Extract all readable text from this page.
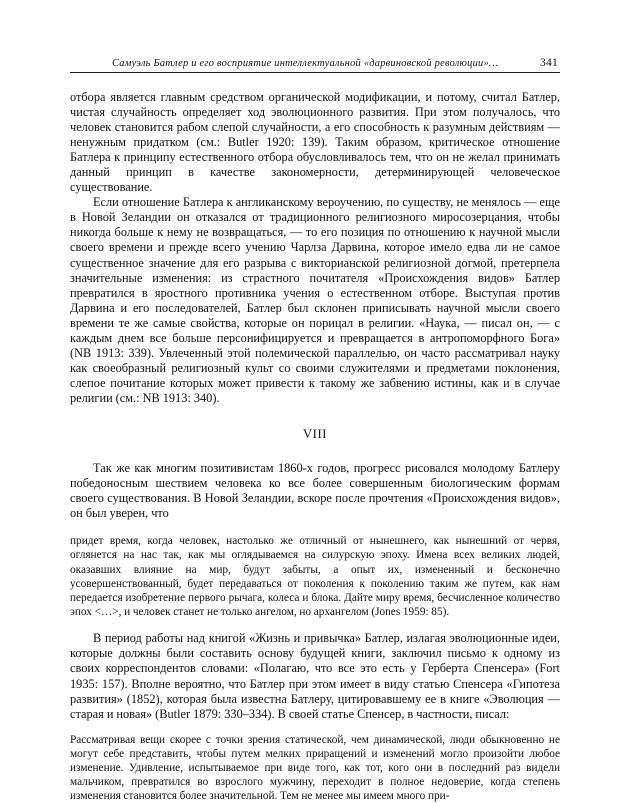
Самуэль Батлер и его восприятие интеллектуальной «дарвиновской революции»…	341

отбора является главным средством органической модификации, и потому, считал Батлер, чистая случайность определяет ход эволюционного развития. При этом получалось, что человек становится рабом слепой случайности, а его способность к разумным действиям — ненужным придатком (см.: Butler 1920: 139). Таким образом, критическое отношение Батлера к принципу естественного отбора обусловливалось тем, что он не желал принимать данный принцип в качестве закономерности, детерминирующей человеческое существование.

Если отношение Батлера к англиканскому вероучению, по существу, не менялось — еще в Новой Зеландии он отказался от традиционного религиозного миросозерцания, чтобы никогда больше к нему не возвращаться, — то его позиция по отношению к научной мысли своего времени и прежде всего учению Чарлза Дарвина, которое имело едва ли не самое существенное значение для его разрыва с викторианской религиозной догмой, претерпела значительные изменения: из страстного почитателя «Происхождения видов» Батлер превратился в яростного противника учения о естественном отборе. Выступая против Дарвина и его последователей, Батлер был склонен приписывать научной мысли своего времени те же самые свойства, которые он порицал в религии. «Наука, — писал он, — с каждым днем все больше персонифицируется и превращается в антропоморфного Бога» (NB 1913: 339). Увлеченный этой полемической параллелью, он часто рассматривал науку как своеобразный религиозный культ со своими служителями и предметами поклонения, слепое почитание которых может привести к такому же забвению истины, как и в случае религии (см.: NB 1913: 340).

VIII

Так же как многим позитивистам 1860-х годов, прогресс рисовался молодому Батлеру победоносным шествием человека ко все более совершенным биологическим формам своего существования. В Новой Зеландии, вскоре после прочтения «Происхождения видов», он был уверен, что

придет время, когда человек, настолько же отличный от нынешнего, как нынешний от червя, оглянется на нас так, как мы оглядываемся на силурскую эпоху. Имена всех великих людей, оказавших влияние на мир, будут забыты, а опыт их, измененный и бесконечно усовершенствованный, будет передаваться от поколения к поколению таким же путем, как нам передается изобретение первого рычага, колеса и блока. Дайте миру время, бесчисленное количество эпох <…>, и человек станет не только ангелом, но архангелом (Jones 1959: 85).

В период работы над книгой «Жизнь и привычка» Батлер, излагая эволюционные идеи, которые должны были составить основу будущей книги, заключил письмо к одному из своих корреспондентов словами: «Полагаю, что все это есть у Герберта Спенсера» (Fort 1935: 157). Вполне вероятно, что Батлер при этом имеет в виду статью Спенсера «Гипотеза развития» (1852), которая была известна Батлеру, цитировавшему ее в книге «Эволюция — старая и новая» (Butler 1879: 330–334). В своей статье Спенсер, в частности, писал:

Рассматривая вещи скорее с точки зрения статической, чем динамической, люди обыкновенно не могут себе представить, чтобы путем мелких приращений и изменений могло произойти любое изменение. Удивление, испытываемое при виде того, как тот, кого они в последний раз видели мальчиком, превратился во взрослого мужчину, переходит в полное недоверие, когда степень изменения становится более значительной. Тем не менее мы имеем много при-
